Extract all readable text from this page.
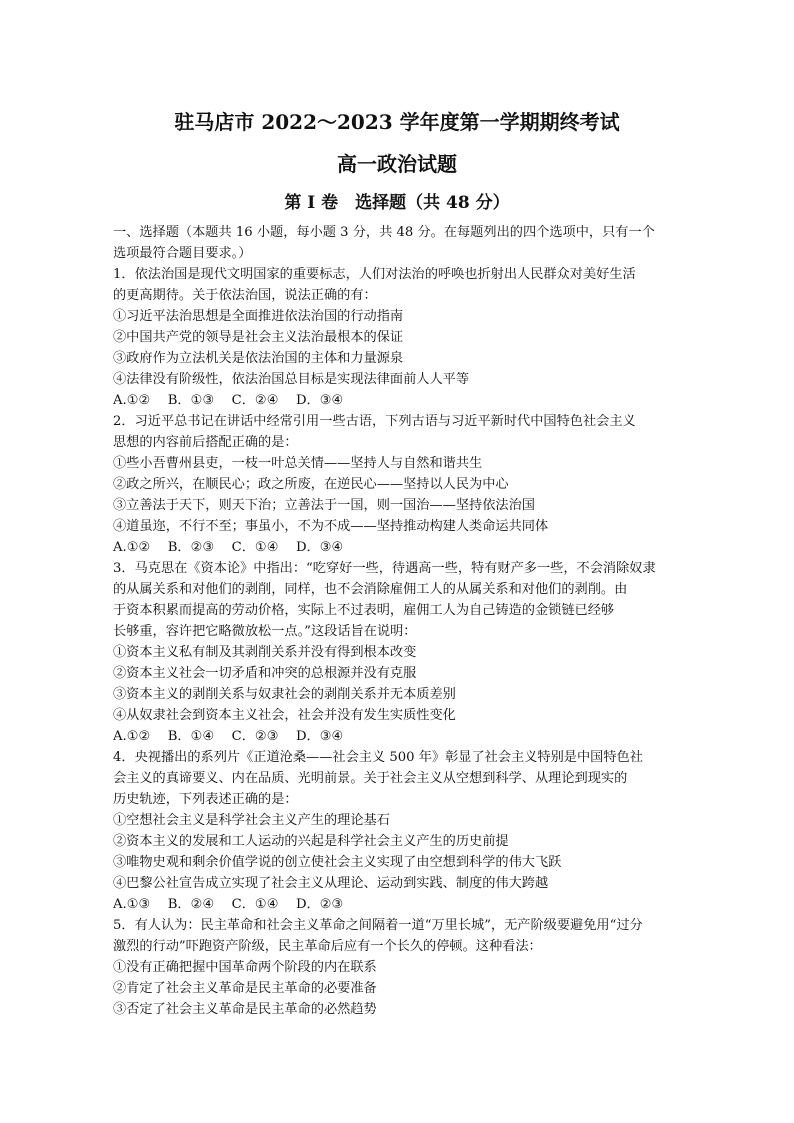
驻马店市 2022～2023 学年度第一学期期终考试
高一政治试题
第 I 卷　选择题（共 48 分）
一、选择题（本题共 16 小题，每小题 3 分，共 48 分。在每题列出的四个选项中，只有一个
选项最符合题目要求。）
1．依法治国是现代文明国家的重要标志，人们对法治的呼唤也折射出人民群众对美好生活
的更高期待。关于依法治国，说法正确的有：
①习近平法治思想是全面推进依法治国的行动指南
②中国共产党的领导是社会主义法治最根本的保证
③政府作为立法机关是依法治国的主体和力量源泉
④法律没有阶级性，依法治国总目标是实现法律面前人人平等
A.①②　 B．①③　 C．②④　 D．③④
2．习近平总书记在讲话中经常引用一些古语，下列古语与习近平新时代中国特色社会主义
思想的内容前后搭配正确的是：
①些小吾曹州县吏，一枝一叶总关情——坚持人与自然和谐共生
②政之所兴，在顺民心；政之所废，在逆民心——坚持以人民为中心
③立善法于天下，则天下治；立善法于一国，则一国治——坚持依法治国
④道虽迩，不行不至；事虽小，不为不成——坚持推动构建人类命运共同体
A.①②　 B．②③　 C．①④　 D．③④
3．马克思在《资本论》中指出：“吃穿好一些，待遇高一些，特有财产多一些，不会消除奴隶
的从属关系和对他们的剥削，同样，也不会消除雇佣工人的从属关系和对他们的剥削。由
于资本积累而提高的劳动价格，实际上不过表明，雇佣工人为自己铸造的金锁链已经够
长够重，容许把它略微放松一点。”这段话旨在说明：
①资本主义私有制及其剥削关系并没有得到根本改变
②资本主义社会一切矛盾和冲突的总根源并没有克服
③资本主义的剥削关系与奴隶社会的剥削关系并无本质差别
④从奴隶社会到资本主义社会，社会并没有发生实质性变化
A.①②　 B．①④　 C．②③　 D．③④
4．央视播出的系列片《正道沧桑——社会主义 500 年》彰显了社会主义特别是中国特色社
会主义的真谛要义、内在品质、光明前景。关于社会主义从空想到科学、从理论到现实的
历史轨迹，下列表述正确的是：
①空想社会主义是科学社会主义产生的理论基石
②资本主义的发展和工人运动的兴起是科学社会主义产生的历史前提
③唯物史观和剩余价值学说的创立使社会主义实现了由空想到科学的伟大飞跃
④巴黎公社宣告成立实现了社会主义从理论、运动到实践、制度的伟大跨越
A.①③　 B．②④　 C．①④　 D．②③
5．有人认为：民主革命和社会主义革命之间隔着一道“万里长城”，无产阶级要避免用“过分
激烈的行动”吓跑资产阶级，民主革命后应有一个长久的停顿。这种看法：
①没有正确把握中国革命两个阶段的内在联系
②肯定了社会主义革命是民主革命的必要准备
③否定了社会主义革命是民主革命的必然趋势
